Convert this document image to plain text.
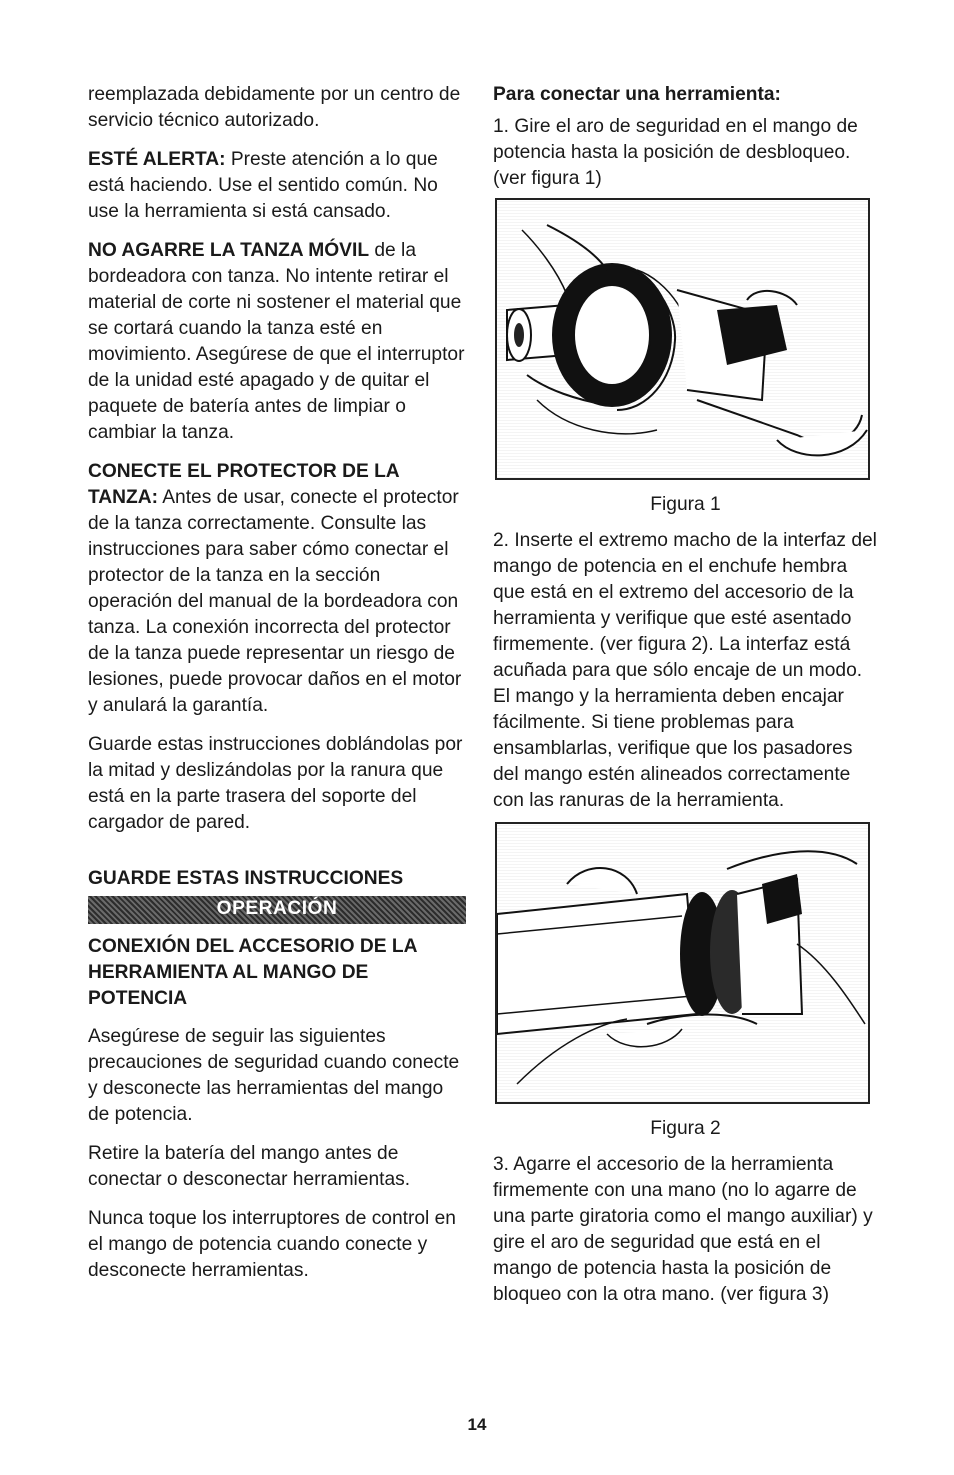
reemplazada debidamente por un centro de servicio técnico autorizado.

ESTÉ ALERTA: Preste atención a lo que está haciendo. Use el sentido común. No use la herramienta si está cansado.

NO AGARRE LA TANZA MÓVIL de la bordeadora con tanza. No intente retirar el material de corte ni sostener el material que se cortará cuando la tanza esté en movimiento. Asegúrese de que el interruptor de la unidad esté apagado y de quitar el paquete de batería antes de limpiar o cambiar la tanza.

CONECTE EL PROTECTOR DE LA TANZA: Antes de usar, conecte el protector de la tanza correctamente. Consulte las instrucciones para saber cómo conectar el protector de la tanza en la sección operación del manual de la bordeadora con tanza. La conexión incorrecta del protector de la tanza puede representar un riesgo de lesiones, puede provocar daños en el motor y anulará la garantía.

Guarde estas instrucciones doblándolas por la mitad y deslizándolas por la ranura que está en la parte trasera del soporte del cargador de pared.

GUARDE ESTAS INSTRUCCIONES
OPERACIÓN
CONEXIÓN DEL ACCESORIO DE LA HERRAMIENTA AL MANGO DE POTENCIA

Asegúrese de seguir las siguientes precauciones de seguridad cuando conecte y desconecte las herramientas del mango de potencia.

Retire la batería del mango antes de conectar o desconectar herramientas.

Nunca toque los interruptores de control en el mango de potencia cuando conecte y desconecte herramientas.

Para conectar una herramienta:

1. Gire el aro de seguridad en el mango de potencia hasta la posición de desbloqueo. (ver figura 1)

Figura 1

2. Inserte el extremo macho de la interfaz del mango de potencia en el enchufe hembra que está en el extremo del accesorio de la herramienta y verifique que esté asentado firmemente. (ver figura 2). La interfaz está acuñada para que sólo encaje de un modo. El mango y la herramienta deben encajar fácilmente. Si tiene problemas para ensamblarlas, verifique que los pasadores del mango estén alineados correctamente con las ranuras de la herramienta.

Figura 2

3. Agarre el accesorio de la herramienta firmemente con una mano (no lo agarre de una parte giratoria como el mango auxiliar) y gire el aro de seguridad que está en el mango de potencia hasta la posición de bloqueo con la otra mano. (ver figura 3)

14
